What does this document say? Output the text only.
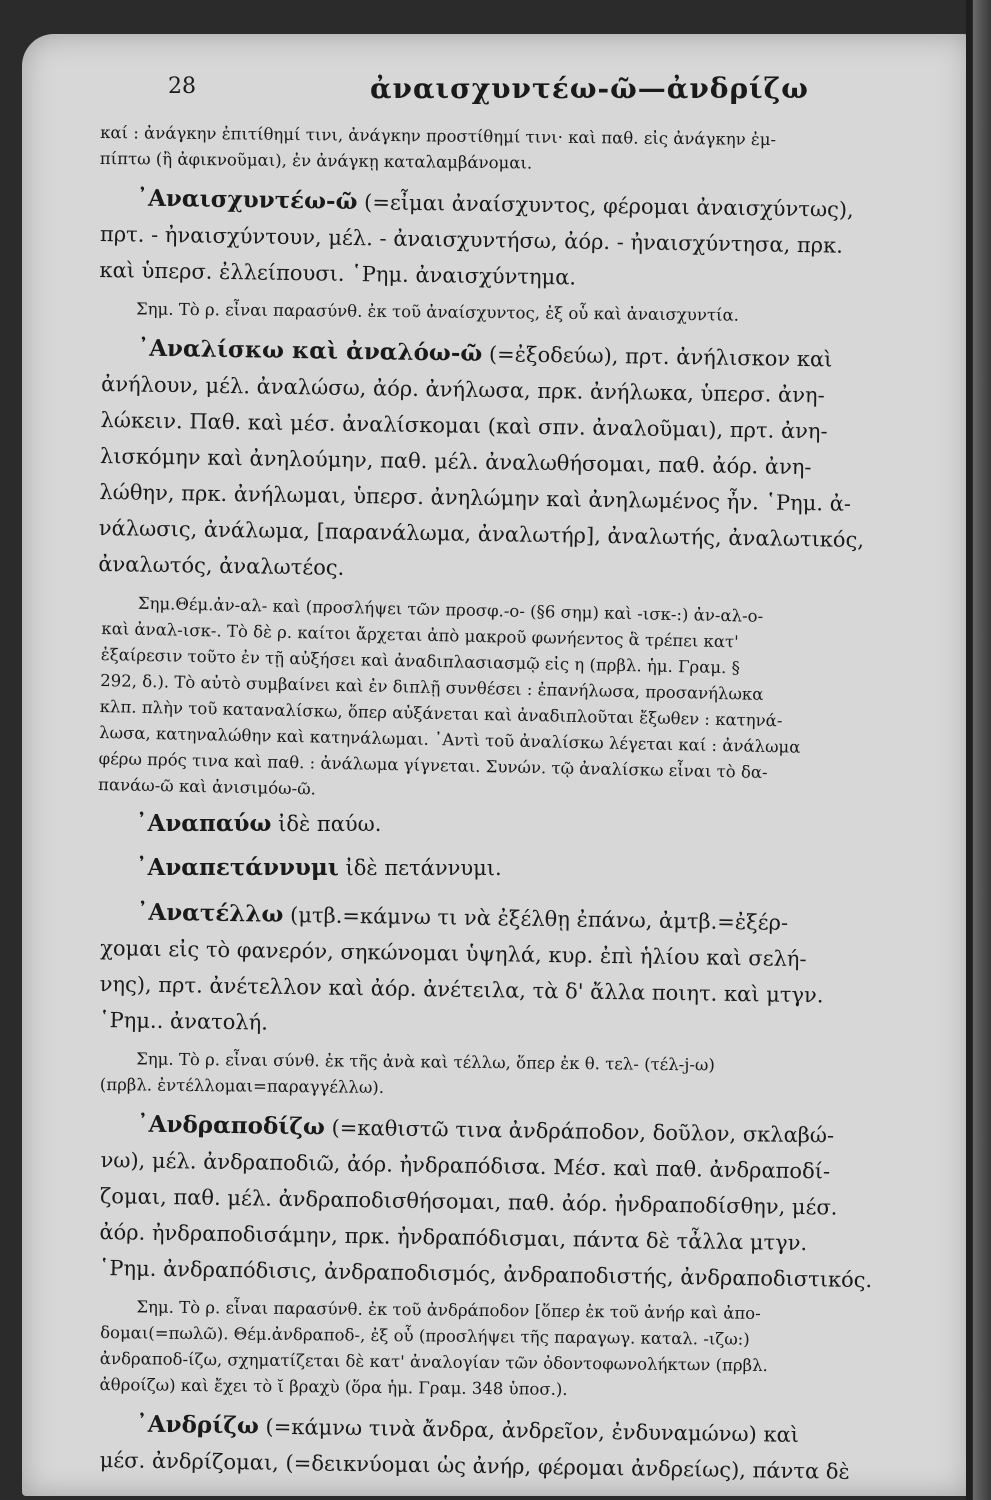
28	ἀναισχυντέω-ῶ—ἀνδρίζω
καί : ἀνάγκην ἐπιτίθημί τινι, ἀνάγκην προστίθημί τινι· καὶ παθ. εἰς ἀνάγκην ἐμ-
πίπτω (ἢ ἀφικνοῦμαι), ἐν ἀνάγκῃ καταλαμβάνομαι.
᾿Αναισχυντέω-ῶ (=εἶμαι ἀναίσχυντος, φέρομαι ἀναισχύντως),
πρτ. - ἠναισχύντουν, μέλ. - ἀναισχυντήσω, ἀόρ. - ἠναισχύντησα, πρκ.
καὶ ὑπερσ. ἐλλείπουσι. ῾Ρημ. ἀναισχύντημα.
Σημ. Τὸ ρ. εἶναι παρασύνθ. ἐκ τοῦ ἀναίσχυντος, ἐξ οὗ καὶ ἀναισχυντία.
᾿Αναλίσκω καὶ ἀναλόω-ῶ (=ἐξοδεύω), πρτ. ἀνήλισκον καὶ
ἀνήλουν, μέλ. ἀναλώσω, ἀόρ. ἀνήλωσα, πρκ. ἀνήλωκα, ὑπερσ. ἀνη-
λώκειν. Παθ. καὶ μέσ. ἀναλίσκομαι (καὶ σπν. ἀναλοῦμαι), πρτ. ἀνη-
λισκόμην καὶ ἀνηλούμην, παθ. μέλ. ἀναλωθήσομαι, παθ. ἀόρ. ἀνη-
λώθην, πρκ. ἀνήλωμαι, ὑπερσ. ἀνηλώμην καὶ ἀνηλωμένος ἦν. ῾Ρημ. ἀ-
νάλωσις, ἀνάλωμα, [παρανάλωμα, ἀναλωτήρ], ἀναλωτής, ἀναλωτικός,
ἀναλωτός, ἀναλωτέος.
Σημ.Θέμ.ἀν-αλ- καὶ (προσλήψει τῶν προσφ.-ο- (§6 σημ) καὶ -ισκ-:) ἀν-αλ-ο-
καὶ ἀναλ-ισκ-. Τὸ δὲ ρ. καίτοι ἄρχεται ἀπὸ μακροῦ φωνήεντος ἃ τρέπει κατ'
ἐξαίρεσιν τοῦτο ἐν τῇ αὐξήσει καὶ ἀναδιπλασιασμῷ εἰς η (πρβλ. ἡμ. Γραμ. §
292, δ.). Τὸ αὐτὸ συμβαίνει καὶ ἐν διπλῇ συνθέσει : ἐπανήλωσα, προσανήλωκα
κλπ. πλὴν τοῦ καταναλίσκω, ὅπερ αὐξάνεται καὶ ἀναδιπλοῦται ἔξωθεν : κατηνά-
λωσα, κατηναλώθην καὶ κατηνάλωμαι. ᾿Αντὶ τοῦ ἀναλίσκω λέγεται καί : ἀνάλωμα
φέρω πρός τινα καὶ παθ. : ἀνάλωμα γίγνεται. Συνών. τῷ ἀναλίσκω εἶναι τὸ δα-
πανάω-ῶ καὶ ἀνισιμόω-ῶ.
᾿Αναπαύω ἰδὲ παύω.
᾿Αναπετάννυμι ἰδὲ πετάννυμι.
᾿Ανατέλλω (μτβ.=κάμνω τι νὰ ἐξέλθῃ ἐπάνω, ἀμτβ.=ἐξέρ-
χομαι εἰς τὸ φανερόν, σηκώνομαι ὑψηλά, κυρ. ἐπὶ ἡλίου καὶ σελή-
νης), πρτ. ἀνέτελλον καὶ ἀόρ. ἀνέτειλα, τὰ δ' ἄλλα ποιητ. καὶ μτγν.
῾Ρημ.. ἀνατολή.
Σημ. Τὸ ρ. εἶναι σύνθ. ἐκ τῆς ἀνὰ καὶ τέλλω, ὅπερ ἐκ θ. τελ- (τέλ-j-ω)
(πρβλ. ἐντέλλομαι=παραγγέλλω).
᾿Ανδραποδίζω (=καθιστῶ τινα ἀνδράποδον, δοῦλον, σκλαβώ-
νω), μέλ. ἀνδραποδιῶ, ἀόρ. ἠνδραπόδισα. Μέσ. καὶ παθ. ἀνδραποδί-
ζομαι, παθ. μέλ. ἀνδραποδισθήσομαι, παθ. ἀόρ. ἠνδραποδίσθην, μέσ.
ἀόρ. ἠνδραποδισάμην, πρκ. ἠνδραπόδισμαι, πάντα δὲ τἆλλα μτγν.
῾Ρημ. ἀνδραπόδισις, ἀνδραποδισμός, ἀνδραποδιστής, ἀνδραποδιστικός.
Σημ. Τὸ ρ. εἶναι παρασύνθ. ἐκ τοῦ ἀνδράποδον [ὅπερ ἐκ τοῦ ἀνήρ καὶ ἀπο-
δομαι(=πωλῶ). Θέμ.ἀνδραποδ-, ἐξ οὗ (προσλήψει τῆς παραγωγ. καταλ. -ιζω:)
ἀνδραποδ-ίζω, σχηματίζεται δὲ κατ' ἀναλογίαν τῶν ὀδοντοφωνολήκτων (πρβλ.
ἀθροίζω) καὶ ἔχει τὸ ῐ βραχὺ (ὅρα ἡμ. Γραμ. 348 ὑποσ.).
᾿Ανδρίζω (=κάμνω τινὰ ἄνδρα, ἀνδρεῖον, ἐνδυναμώνω) καὶ
μέσ. ἀνδρίζομαι, (=δεικνύομαι ὡς ἀνήρ, φέρομαι ἀνδρείως), πάντα δὲ
